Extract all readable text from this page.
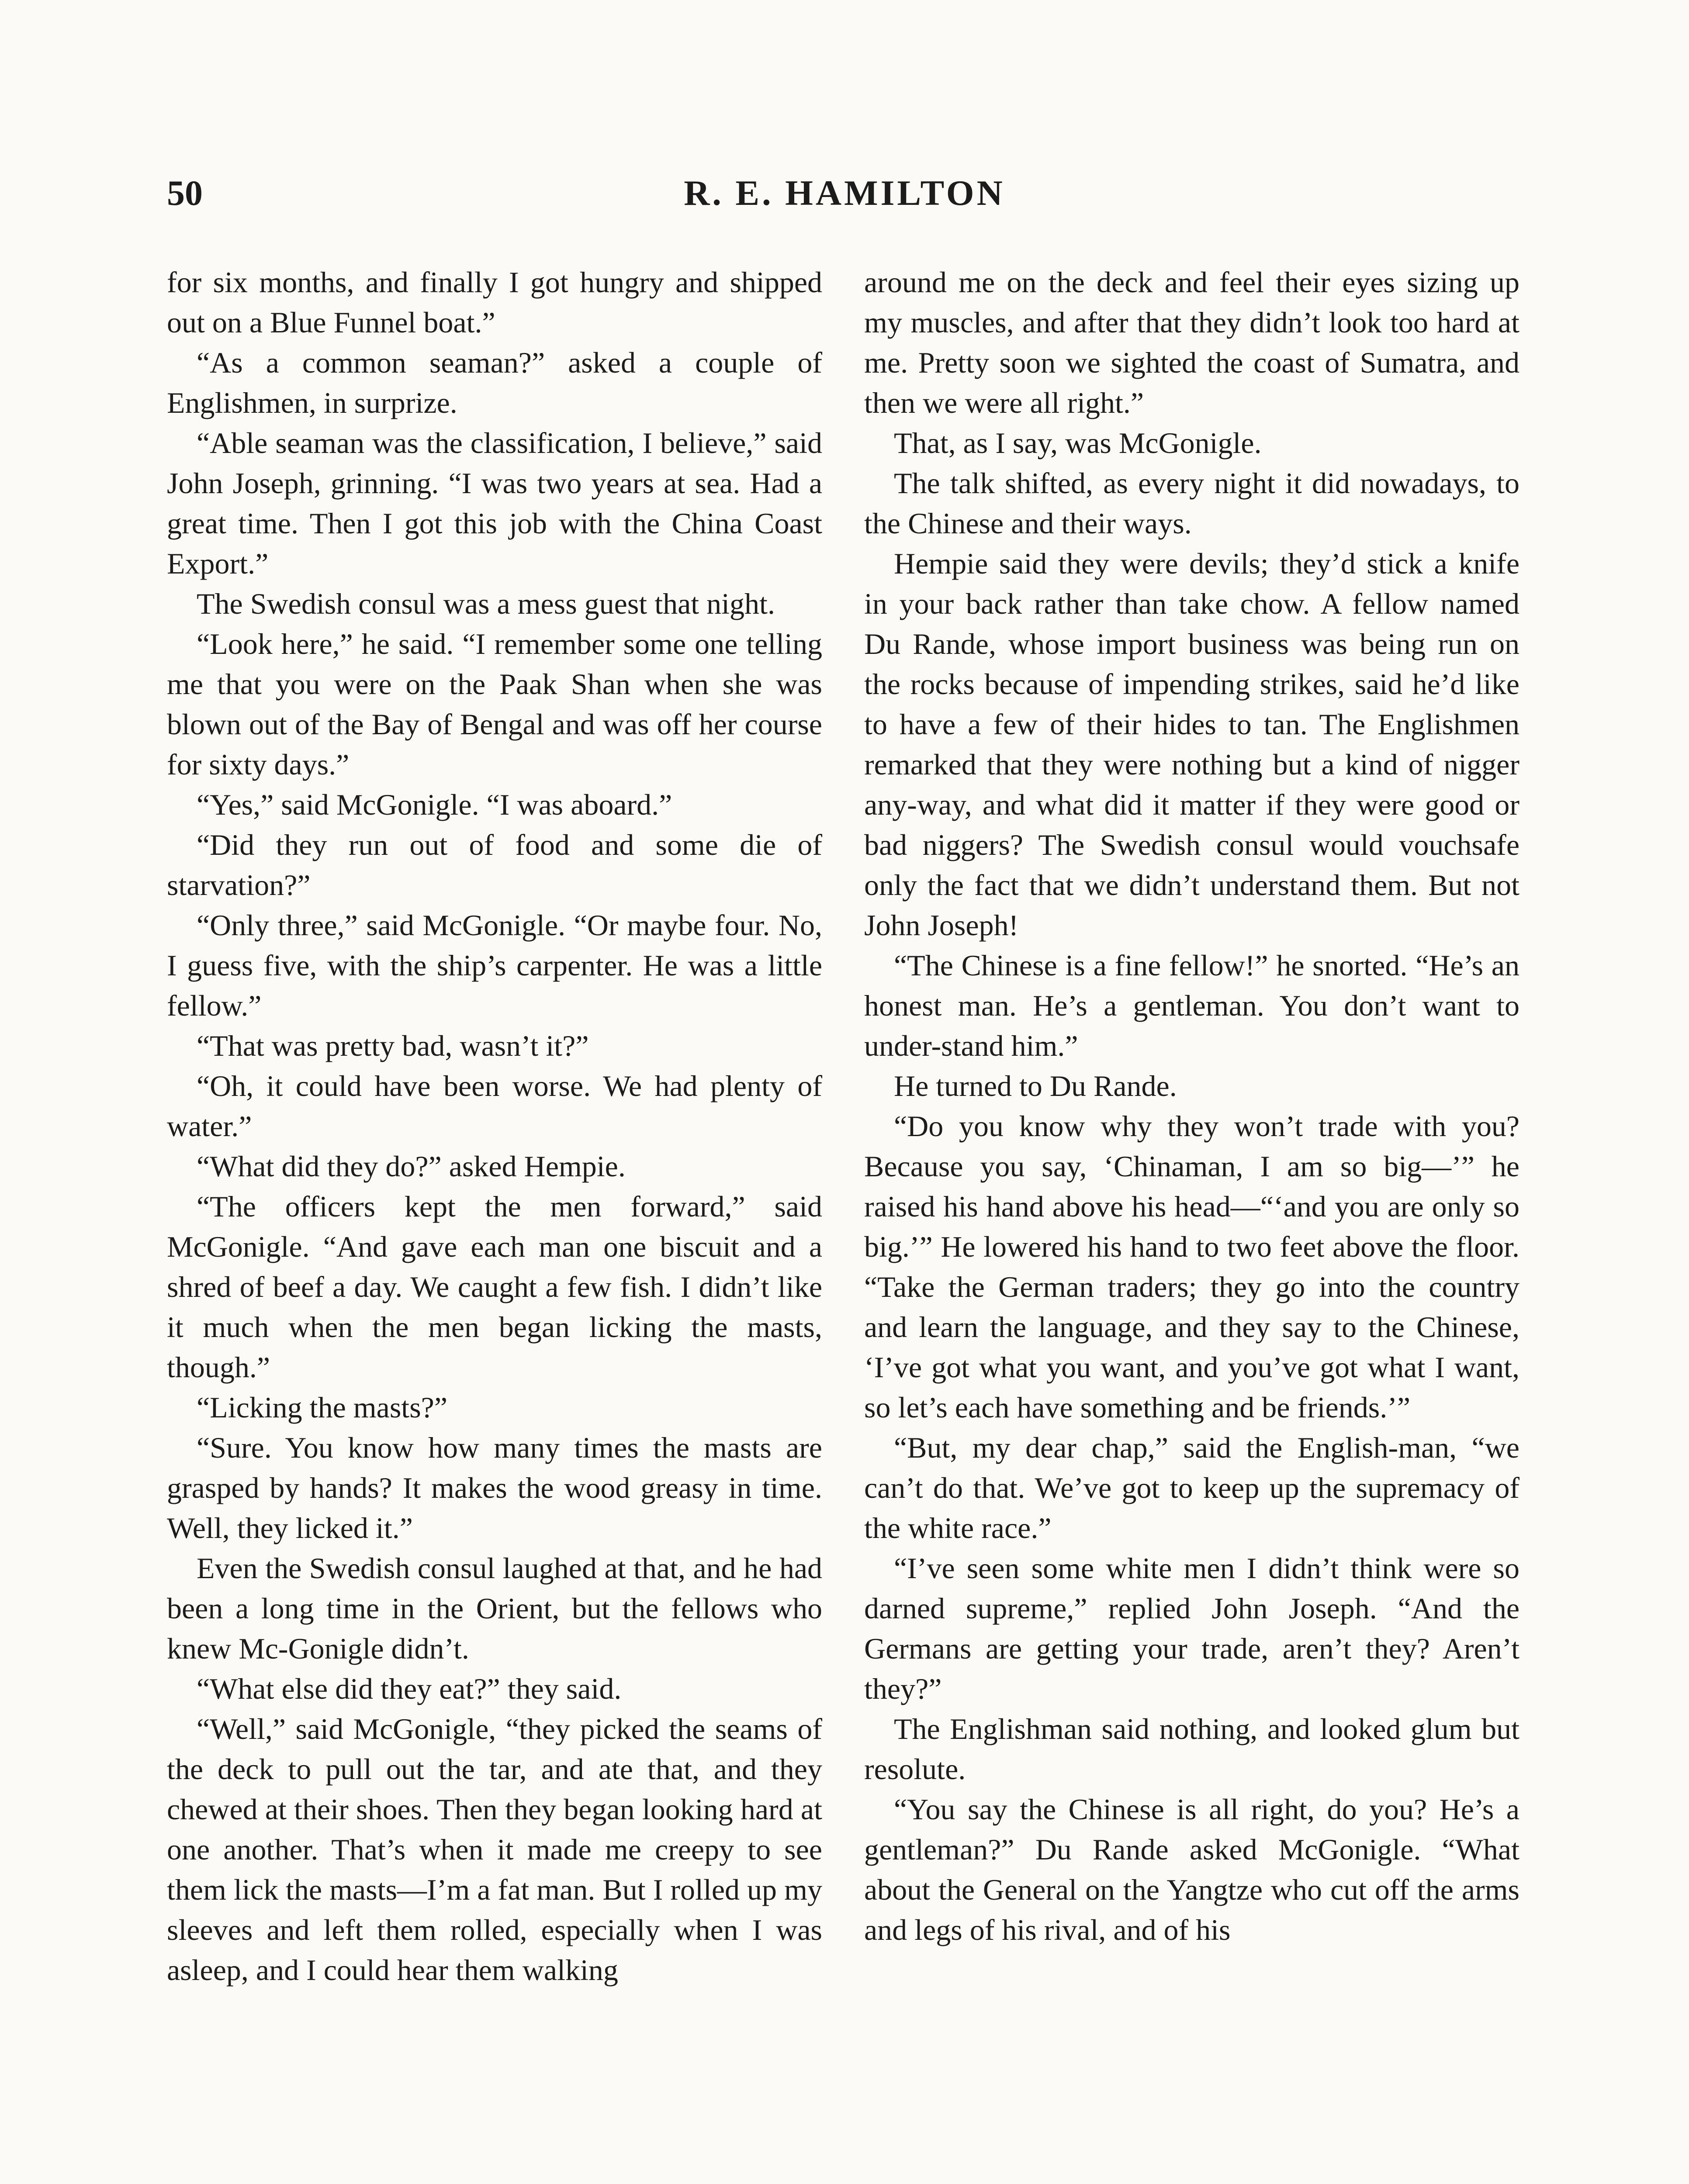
50	R. E. HAMILTON

for six months, and finally I got hungry and shipped out on a Blue Funnel boat.”

“As a common seaman?” asked a couple of Englishmen, in surprize.

“Able seaman was the classification, I believe,” said John Joseph, grinning. “I was two years at sea. Had a great time. Then I got this job with the China Coast Export.”

The Swedish consul was a mess guest that night.

“Look here,” he said. “I remember some one telling me that you were on the Paak Shan when she was blown out of the Bay of Bengal and was off her course for sixty days.”

“Yes,” said McGonigle. “I was aboard.”

“Did they run out of food and some die of starvation?”

“Only three,” said McGonigle. “Or maybe four. No, I guess five, with the ship’s carpenter. He was a little fellow.”

“That was pretty bad, wasn’t it?”

“Oh, it could have been worse. We had plenty of water.”

“What did they do?” asked Hempie.

“The officers kept the men forward,” said McGonigle. “And gave each man one biscuit and a shred of beef a day. We caught a few fish. I didn’t like it much when the men began licking the masts, though.”

“Licking the masts?”

“Sure. You know how many times the masts are grasped by hands? It makes the wood greasy in time. Well, they licked it.”

Even the Swedish consul laughed at that, and he had been a long time in the Orient, but the fellows who knew Mc-Gonigle didn’t.

“What else did they eat?” they said.

“Well,” said McGonigle, “they picked the seams of the deck to pull out the tar, and ate that, and they chewed at their shoes. Then they began looking hard at one another. That’s when it made me creepy to see them lick the masts—I’m a fat man. But I rolled up my sleeves and left them rolled, especially when I was asleep, and I could hear them walking

around me on the deck and feel their eyes sizing up my muscles, and after that they didn’t look too hard at me. Pretty soon we sighted the coast of Sumatra, and then we were all right.”

That, as I say, was McGonigle.

The talk shifted, as every night it did nowadays, to the Chinese and their ways.

Hempie said they were devils; they’d stick a knife in your back rather than take chow. A fellow named Du Rande, whose import business was being run on the rocks because of impending strikes, said he’d like to have a few of their hides to tan. The Englishmen remarked that they were nothing but a kind of nigger any-way, and what did it matter if they were good or bad niggers? The Swedish consul would vouchsafe only the fact that we didn’t understand them. But not John Joseph!

“The Chinese is a fine fellow!” he snorted. “He’s an honest man. He’s a gentleman. You don’t want to under-stand him.”

He turned to Du Rande.

“Do you know why they won’t trade with you? Because you say, ‘Chinaman, I am so big—’” he raised his hand above his head—“‘and you are only so big.’” He lowered his hand to two feet above the floor. “Take the German traders; they go into the country and learn the language, and they say to the Chinese, ‘I’ve got what you want, and you’ve got what I want, so let’s each have something and be friends.’”

“But, my dear chap,” said the English-man, “we can’t do that. We’ve got to keep up the supremacy of the white race.”

“I’ve seen some white men I didn’t think were so darned supreme,” replied John Joseph. “And the Germans are getting your trade, aren’t they? Aren’t they?”

The Englishman said nothing, and looked glum but resolute.

“You say the Chinese is all right, do you? He’s a gentleman?” Du Rande asked McGonigle. “What about the General on the Yangtze who cut off the arms and legs of his rival, and of his
